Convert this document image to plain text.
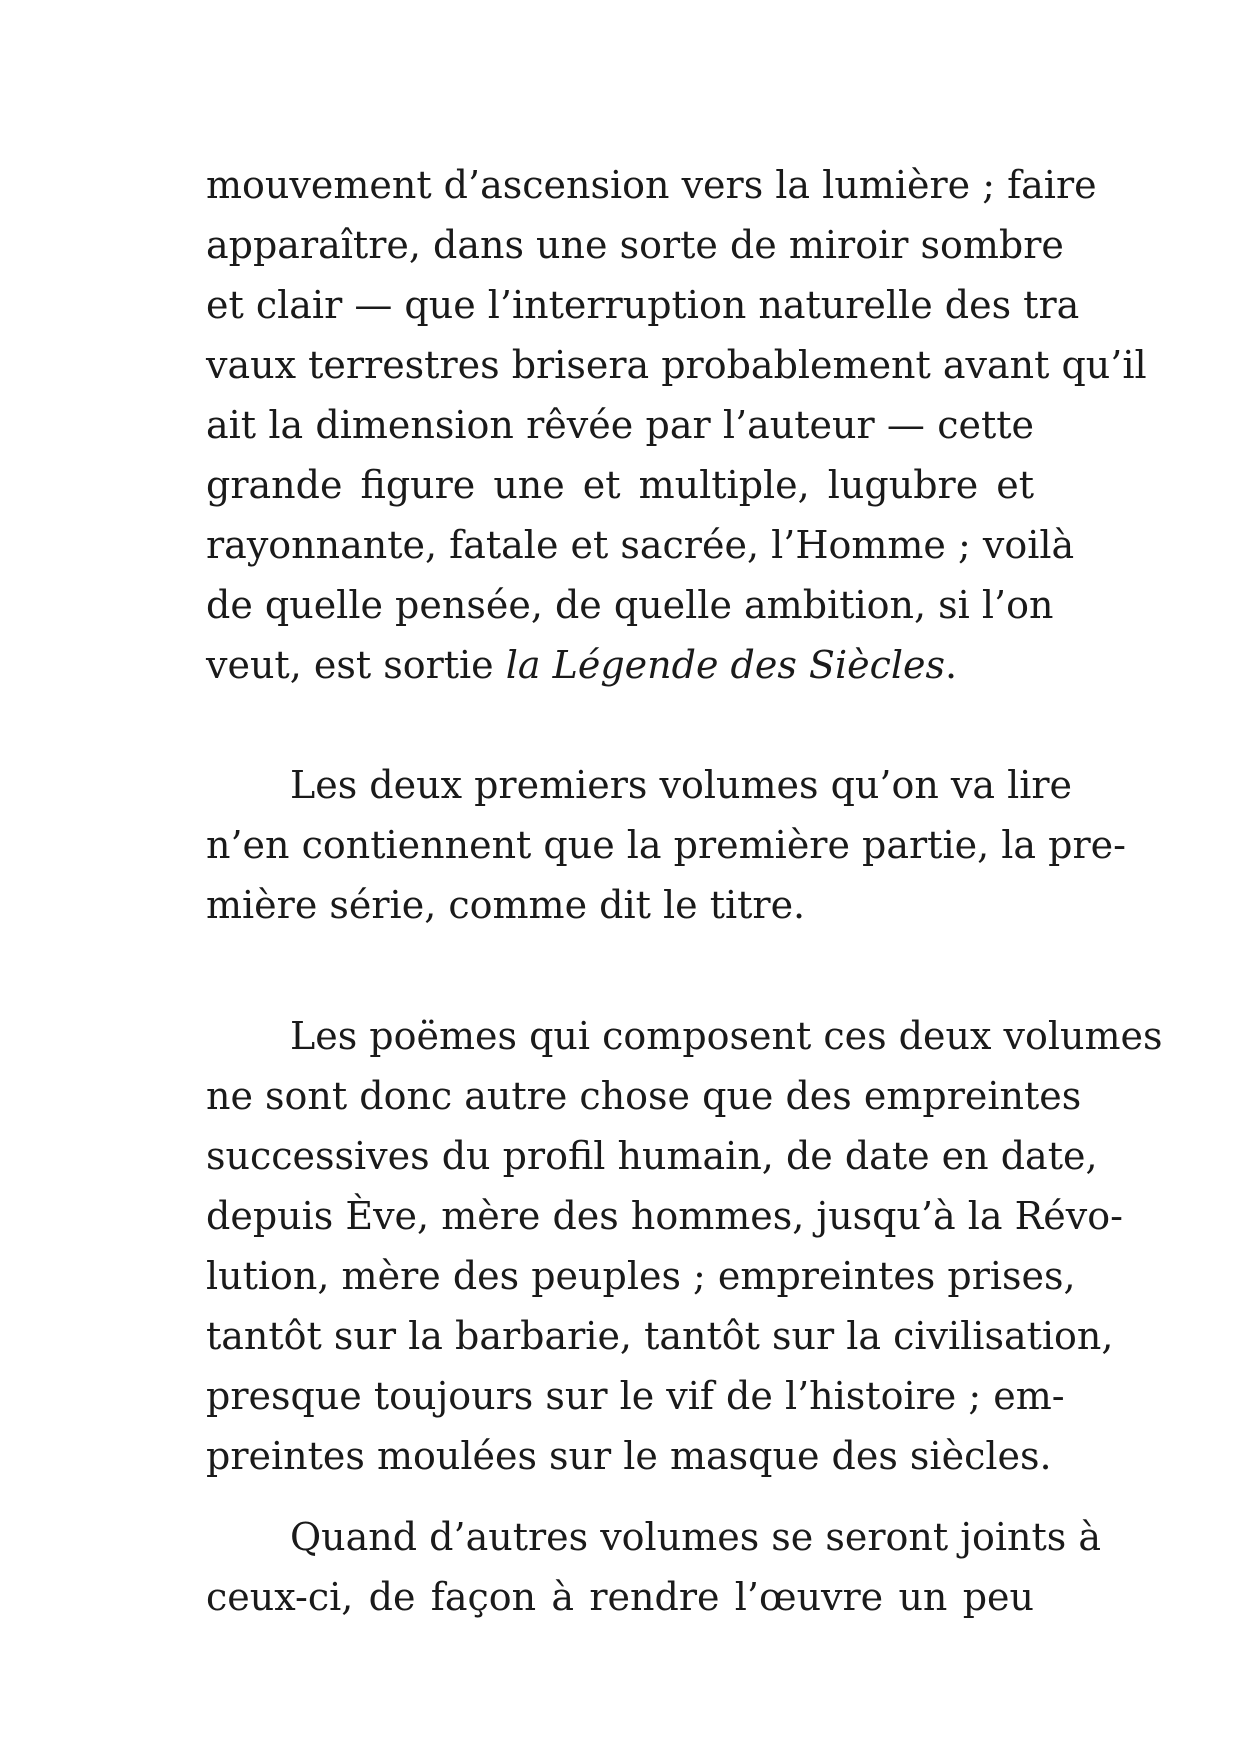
mouvement d’ascension vers la lumière ; faire
apparaître, dans une sorte de miroir sombre
et clair — que l’interruption naturelle des tra
vaux terrestres brisera probablement avant qu’il
ait la dimension rêvée par l’auteur — cette
grande figure une et multiple, lugubre et
rayonnante, fatale et sacrée, l’Homme ; voilà
de quelle pensée, de quelle ambition, si l’on
veut, est sortie la Légende des Siècles.
Les deux premiers volumes qu’on va lire
n’en contiennent que la première partie, la pre-
mière série, comme dit le titre.
Les poëmes qui composent ces deux volumes
ne sont donc autre chose que des empreintes
successives du profil humain, de date en date,
depuis Ève, mère des hommes, jusqu’à la Révo-
lution, mère des peuples ; empreintes prises,
tantôt sur la barbarie, tantôt sur la civilisation,
presque toujours sur le vif de l’histoire ; em-
preintes moulées sur le masque des siècles.
Quand d’autres volumes se seront joints à
ceux-ci, de façon à rendre l’œuvre un peu
